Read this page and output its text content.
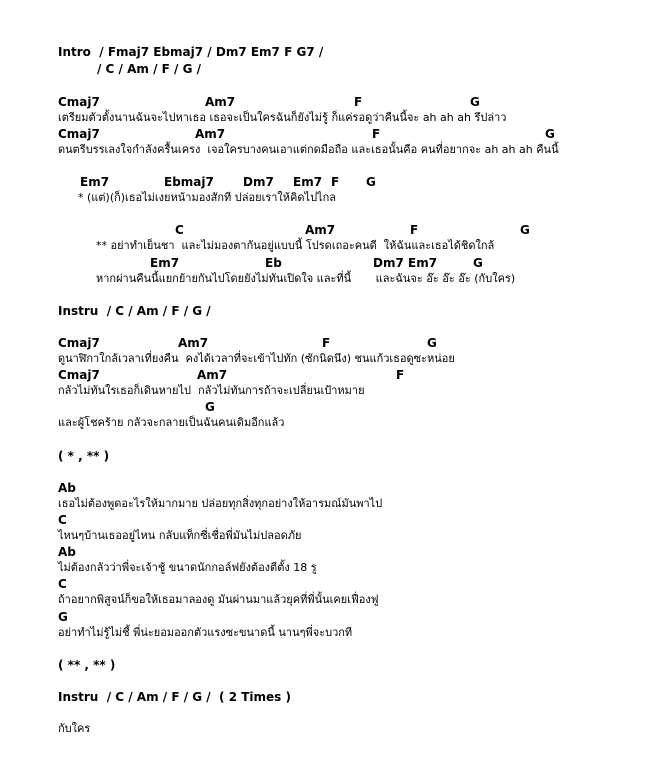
Intro  / Fmaj7 Ebmaj7 / Dm7 Em7 F G7 /
/ C / Am / F / G /
Cmaj7	Am7	F	G
เตรียมตัวตั้งนานฉันจะไปหาเธอ เธอจะเป็นใครฉันก็ยังไม่รู้ ก็แค่รอดูว่าคืนนี้จะ ah ah ah รึปล่าว
Cmaj7	Am7	F	G
ดนตรีบรรเลงใจกำลังครื้นเครง  เจอใครบางคนเอาแต่กดมือถือ และเธอนั้นคือ คนที่อยากจะ ah ah ah คืนนี้
Em7	Ebmaj7 Dm7 Em7 F G
* (แต่)(ก็)เธอไม่เงยหน้ามองสักที ปล่อยเราให้คิดไปไกล
C	Am7	F	G
** อย่าทำเย็นชา  และไม่มองตากันอยู่แบบนี้ โปรดเถอะคนดี  ให้ฉันและเธอได้ชิดใกล้
Em7	Eb	Dm7 Em7	G
หากผ่านคืนนี้แยกย้ายกันไปโดยยังไม่ทันเปิดใจ และที่นี้       และฉันจะ อ๊ะ อ๊ะ อ๊ะ (กับใคร)
Instru  / C / Am / F / G /
Cmaj7	Am7	F	G
ดูนาฬิกาใกล้เวลาเที่ยงคืน  คงได้เวลาที่จะเข้าไปทัก (ซักนิดนึง) ชนแก้วเธอดูซะหน่อย
Cmaj7	Am7	F
กลัวไม่ทันใรเธอก็เดินหายไป  กลัวไม่ทันการถ้าจะเปลี่ยนเป้าหมาย
G
และผู้โชคร้าย กลัวจะกลายเป็นฉันคนเดิมอีกแล้ว
( * , ** )
Ab
เธอไม่ต้องพูดอะไรให้มากมาย ปล่อยทุกสิ่งทุกอย่างให้อารมณ์มันพาไป
C
ไหนๆบ้านเธออยู่ไหน กลับแท็กซี่เชื่อพี่มันไม่ปลอดภัย
Ab
ไม่ต้องกลัวว่าพี่จะเจ้าชู้ ขนาดนักกอล์ฟยังต้องตีตั้ง 18 รู
C
ถ้าอยากพิสูจน์ก็ขอให้เธอมาลองดู มันผ่านมาแล้วยุคที่พี่นั้นเคยเฟื่องฟู
G
อย่าทำไม่รู้ไม่ชี้ พี่น่ะยอมออกตัวแรงซะขนาดนี้ นานๆพี่จะบวกที
( ** , ** )
Instru  / C / Am / F / G /  ( 2 Times )
กับใคร
